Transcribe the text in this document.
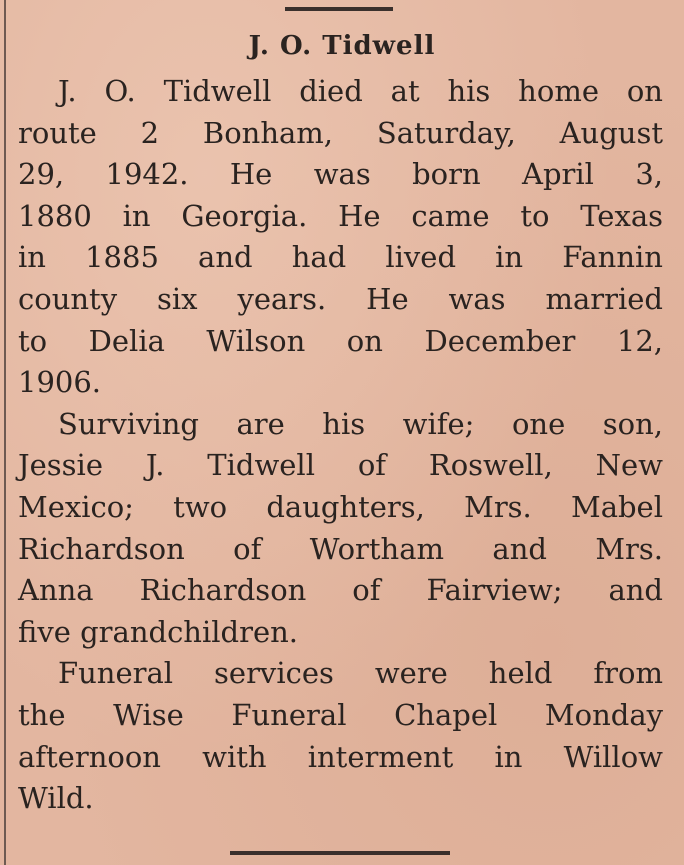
J. O. Tidwell
J. O. Tidwell died at his home on
route 2 Bonham, Saturday, August
29, 1942. He was born April 3,
1880 in Georgia. He came to Texas
in 1885 and had lived in Fannin
county six years. He was married
to Delia Wilson on December 12,
1906.
Surviving are his wife; one son,
Jessie J. Tidwell of Roswell, New
Mexico; two daughters, Mrs. Mabel
Richardson of Wortham and Mrs.
Anna Richardson of Fairview; and
five grandchildren.
Funeral services were held from
the Wise Funeral Chapel Monday
afternoon with interment in Willow
Wild.
